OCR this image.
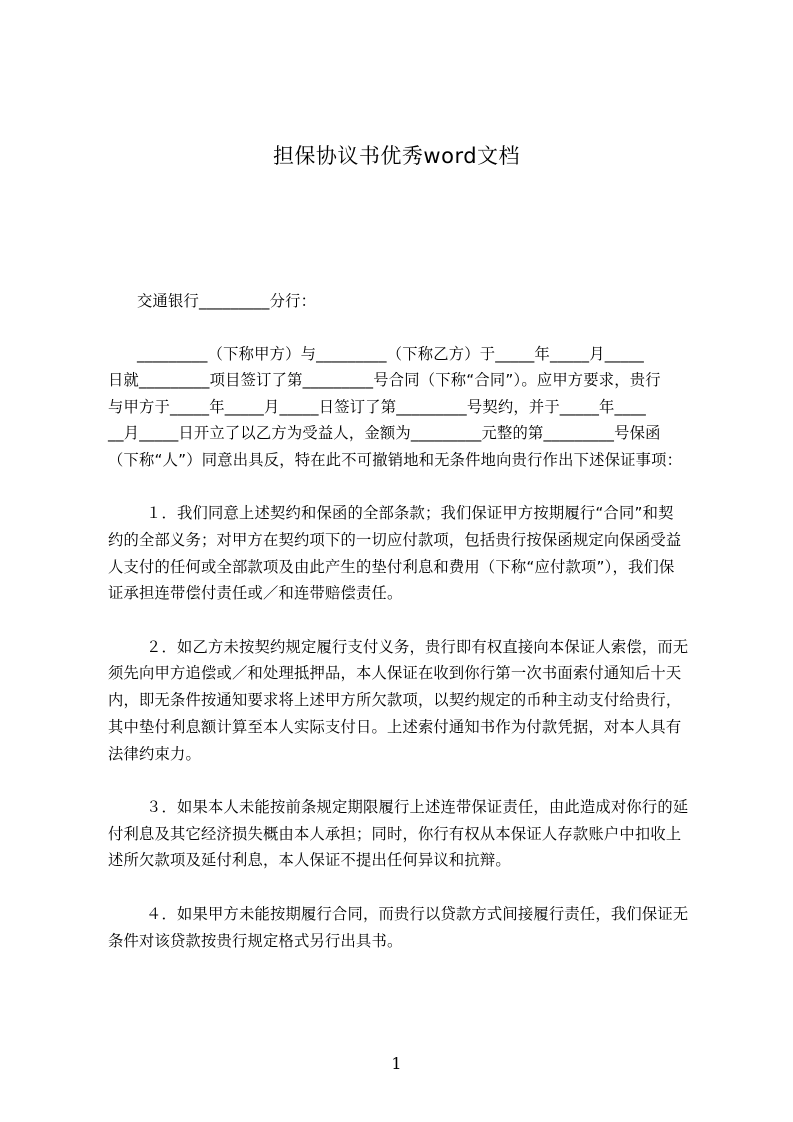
担保协议书优秀word文档

交通银行_________分行：

_________（下称甲方）与_________（下称乙方）于_____年_____月_____

日就_________项目签订了第_________号合同（下称“合同”）。应甲方要求，贵行

与甲方于_____年_____月_____日签订了第_________号契约，并于_____年____

__月_____日开立了以乙方为受益人，金额为_________元整的第_________号保函

（下称“人”）同意出具反，特在此不可撤销地和无条件地向贵行作出下述保证事项：

１．我们同意上述契约和保函的全部条款；我们保证甲方按期履行“合同”和契

约的全部义务；对甲方在契约项下的一切应付款项，包括贵行按保函规定向保函受益

人支付的任何或全部款项及由此产生的垫付利息和费用（下称“应付款项”），我们保

证承担连带偿付责任或／和连带赔偿责任。

２．如乙方未按契约规定履行支付义务，贵行即有权直接向本保证人索偿，而无

须先向甲方追偿或／和处理抵押品，本人保证在收到你行第一次书面索付通知后十天

内，即无条件按通知要求将上述甲方所欠款项，以契约规定的币种主动支付给贵行，

其中垫付利息额计算至本人实际支付日。上述索付通知书作为付款凭据，对本人具有

法律约束力。

３．如果本人未能按前条规定期限履行上述连带保证责任，由此造成对你行的延

付利息及其它经济损失概由本人承担；同时，你行有权从本保证人存款账户中扣收上

述所欠款项及延付利息，本人保证不提出任何异议和抗辩。

４．如果甲方未能按期履行合同，而贵行以贷款方式间接履行责任，我们保证无

条件对该贷款按贵行规定格式另行出具书。

1
